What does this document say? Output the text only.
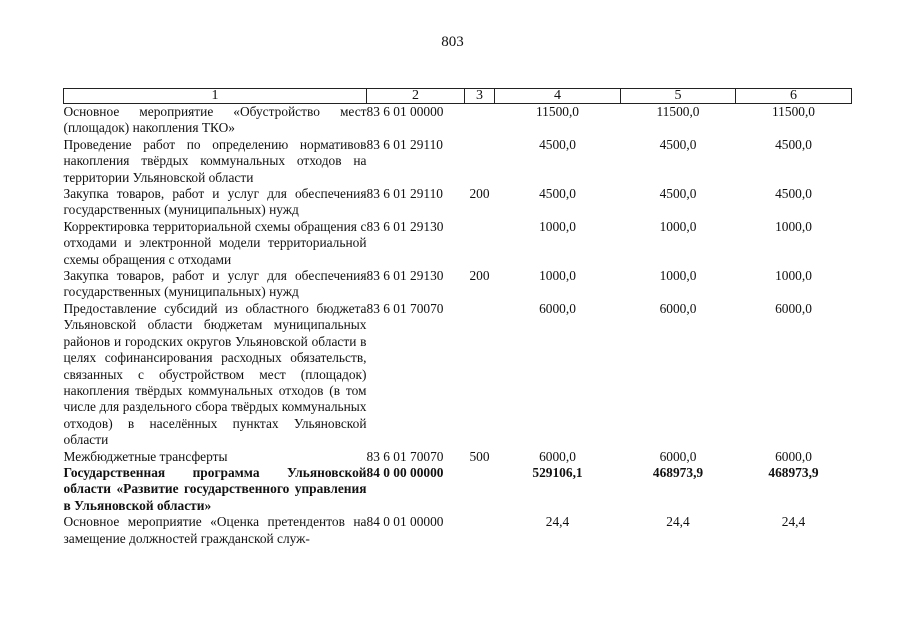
803
1	2	3	4	5	6
Основное мероприятие «Обустройство мест (площадок) накопления ТКО»	83 6 01 00000		11500,0	11500,0	11500,0
Проведение работ по определению нормативов накопления твёрдых коммунальных отходов на территории Ульяновской области	83 6 01 29110		4500,0	4500,0	4500,0
Закупка товаров, работ и услуг для обеспечения государственных (муниципальных) нужд	83 6 01 29110	200	4500,0	4500,0	4500,0
Корректировка территориальной схемы обращения с отходами и электронной модели территориальной схемы обращения с отходами	83 6 01 29130		1000,0	1000,0	1000,0
Закупка товаров, работ и услуг для обеспечения государственных (муниципальных) нужд	83 6 01 29130	200	1000,0	1000,0	1000,0
Предоставление субсидий из областного бюджета Ульяновской области бюджетам муниципальных районов и городских округов Ульяновской области в целях софинансирования расходных обязательств, связанных с обустройством мест (площадок) накопления твёрдых коммунальных отходов (в том числе для раздельного сбора твёрдых коммунальных отходов) в населённых пунктах Ульяновской области	83 6 01 70070		6000,0	6000,0	6000,0
Межбюджетные трансферты	83 6 01 70070	500	6000,0	6000,0	6000,0
Государственная программа Ульяновской области «Развитие государственного управления в Ульяновской области»	84 0 00 00000		529106,1	468973,9	468973,9
Основное мероприятие «Оценка претендентов на замещение должностей гражданской служ-	84 0 01 00000		24,4	24,4	24,4
